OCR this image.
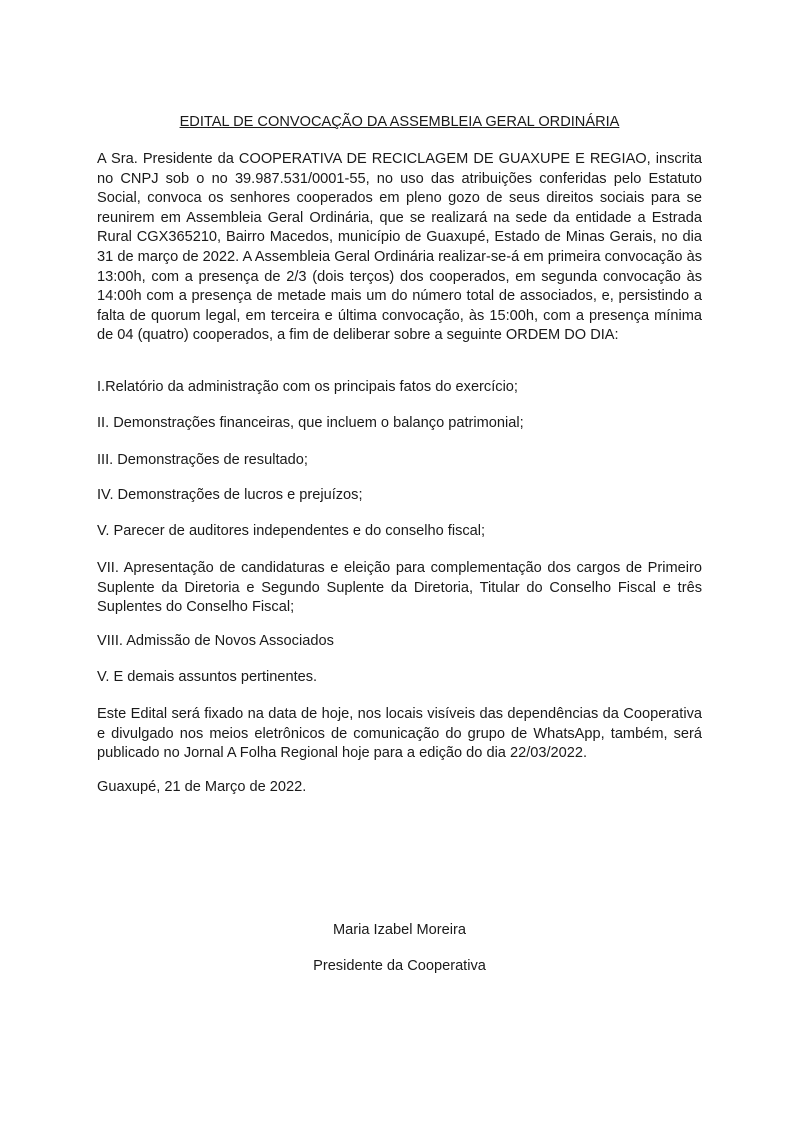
EDITAL DE CONVOCAÇÃO DA ASSEMBLEIA GERAL ORDINÁRIA

A Sra. Presidente da COOPERATIVA DE RECICLAGEM DE GUAXUPE E REGIAO, inscrita no CNPJ sob o no 39.987.531/0001-55, no uso das atribuições conferidas pelo Estatuto Social, convoca os senhores cooperados em pleno gozo de seus direitos sociais para se reunirem em Assembleia Geral Ordinária, que se realizará na sede da entidade a Estrada Rural CGX365210, Bairro Macedos, município de Guaxupé, Estado de Minas Gerais, no dia 31 de março de 2022. A Assembleia Geral Ordinária realizar-se-á em primeira convocação às 13:00h, com a presença de 2/3 (dois terços) dos cooperados, em segunda convocação às 14:00h com a presença de metade mais um do número total de associados, e, persistindo a falta de quorum legal, em terceira e última convocação, às 15:00h, com a presença mínima de 04 (quatro) cooperados, a fim de deliberar sobre a seguinte ORDEM DO DIA:

I.Relatório da administração com os principais fatos do exercício;

II. Demonstrações financeiras, que incluem o balanço patrimonial;

III. Demonstrações de resultado;

IV. Demonstrações de lucros e prejuízos;

V. Parecer de auditores independentes e do conselho fiscal;

VII. Apresentação de candidaturas e eleição para complementação dos cargos de Primeiro Suplente da Diretoria e Segundo Suplente da Diretoria, Titular do Conselho Fiscal e três Suplentes do Conselho Fiscal;

VIII. Admissão de Novos Associados

V. E demais assuntos pertinentes.

Este Edital será fixado na data de hoje, nos locais visíveis das dependências da Cooperativa e divulgado nos meios eletrônicos de comunicação do grupo de WhatsApp, também, será publicado no Jornal A Folha Regional hoje para a edição do dia 22/03/2022.

Guaxupé, 21 de Março de 2022.

Maria Izabel Moreira

Presidente da Cooperativa
